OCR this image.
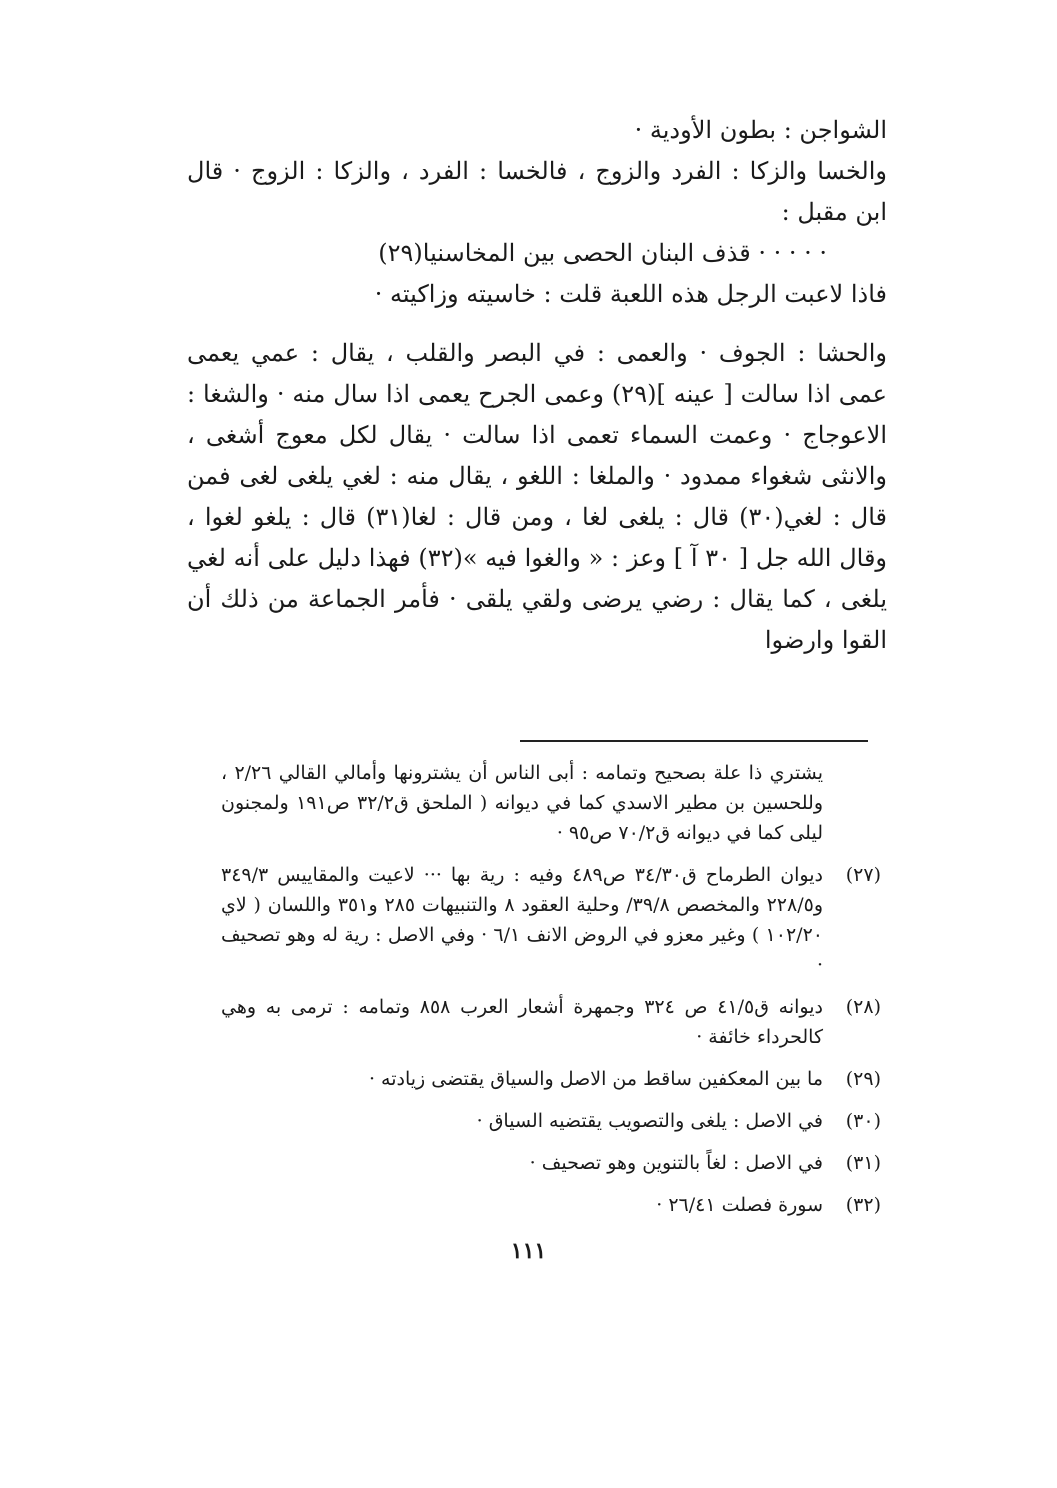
الشواجن : بطون الأودية ·

والخسا والزكا : الفرد والزوج ، فالخسا : الفرد ، والزكا : الزوج · قال ابن مقبل :

· · · · · قذف البنان الحصى بين المخاسنيا(٢٩)

فاذا لاعبت الرجل هذه اللعبة قلت : خاسيته وزاكيته ·

والحشا : الجوف · والعمى : في البصر والقلب ، يقال : عمي يعمى عمى اذا سالت [ عينه ](٢٩) وعمى الجرح يعمى اذا سال منه · والشغا : الاعوجاج · وعمت السماء تعمى اذا سالت · يقال لكل معوج أشغى ، والانثى شغواء ممدود · والملغا : اللغو ، يقال منه : لغي يلغى لغى فمن قال : لغي(٣٠) قال : يلغى لغا ، ومن قال : لغا(٣١) قال : يلغو لغوا ، وقال الله جل [ ٣٠ آ ] وعز : « والغوا فيه »(٣٢) فهذا دليل على أنه لغي يلغى ، كما يقال : رضي يرضى ولقي يلقى · فأمر الجماعة من ذلك أن القوا وارضوا

يشتري ذا علة بصحيح وتمامه : أبى الناس أن يشترونها وأمالي القالي ٢/٢٦ ، وللحسين بن مطير الاسدي كما في ديوانه ( الملحق ق٣٢/٢ ص١٩١ ولمجنون ليلى كما في ديوانه ق٧٠/٢ ص٩٥ ·
(٢٧)
ديوان الطرماح ق٣٤/٣٠ ص٤٨٩ وفيه : رية بها ··· لاعيت والمقاييس ٣٤٩/٣ و٢٢٨/٥ والمخصص ٣٩/٨/ وحلية العقود ٨ والتنبيهات ٢٨٥ و٣٥١ واللسان ( لاي ١٠٢/٢٠ ) وغير معزو في الروض الانف ٦/١ · وفي الاصل : رية له وهو تصحيف ·
(٢٨)
ديوانه ق٤١/٥ ص ٣٢٤ وجمهرة أشعار العرب ٨٥٨ وتمامه : ترمى به وهي كالحرداء خائفة ·
(٢٩)
ما بين المعكفين ساقط من الاصل والسياق يقتضى زيادته ·
(٣٠)
في الاصل : يلغى والتصويب يقتضيه السياق ·
(٣١)
في الاصل : لغاً بالتنوين وهو تصحيف ·
(٣٢)
سورة فصلت ٢٦/٤١ ·
١١١
